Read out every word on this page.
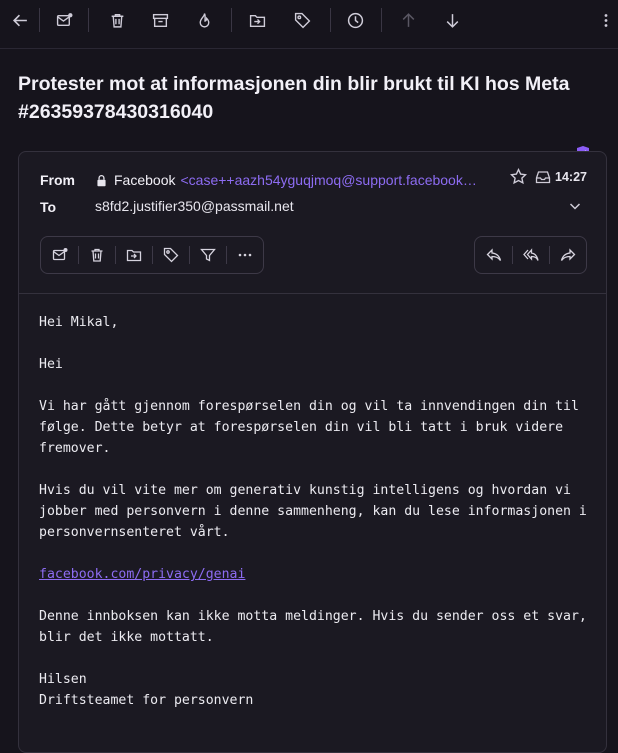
Protester mot at informasjonen din blir brukt til KI hos Meta #26359378430316040
From	Facebook <case++aazh54yguqjmoq@support.facebook…	14:27
To	s8fd2.justifier350@passmail.net

Hei Mikal,

Hei

Vi har gått gjennom forespørselen din og vil ta innvendingen din til følge. Dette betyr at forespørselen din vil bli tatt i bruk videre fremover.

Hvis du vil vite mer om generativ kunstig intelligens og hvordan vi jobber med personvern i denne sammenheng, kan du lese informasjonen i personvernsenteret vårt.

facebook.com/privacy/genai

Denne innboksen kan ikke motta meldinger. Hvis du sender oss et svar, blir det ikke mottatt.

Hilsen

Driftsteamet for personvern
